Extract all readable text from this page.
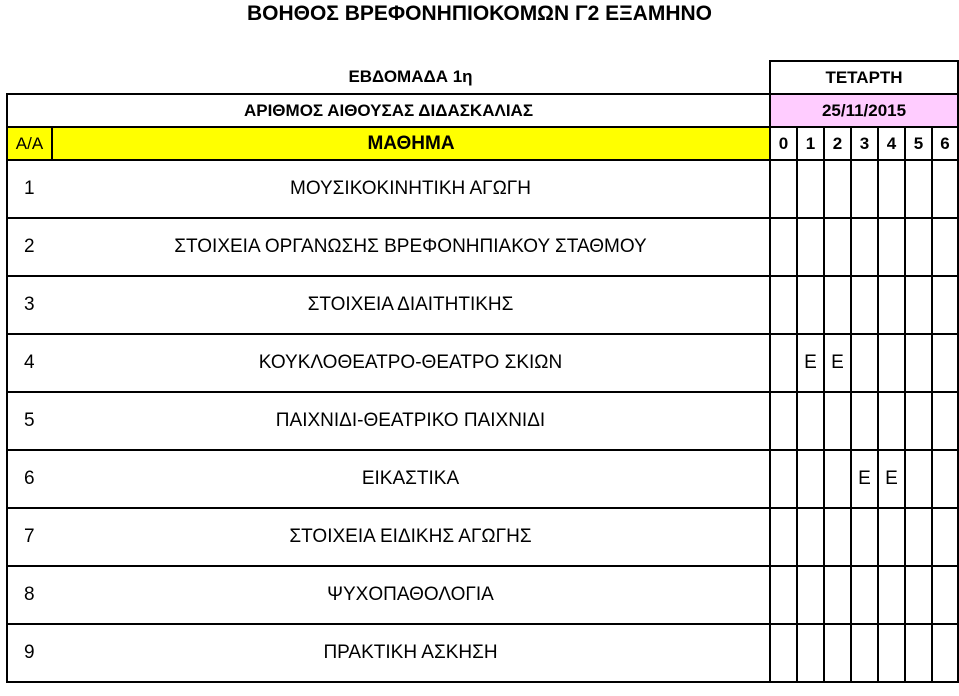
ΒΟΗΘΟΣ ΒΡΕΦΟΝΗΠΙΟΚΟΜΩΝ Γ2 ΕΞΑΜΗΝΟ
	ΕΒΔΟΜΑΔΑ 1η	ΤΕΤΑΡΤΗ						
ΑΡΙΘΜΟΣ ΑΙΘΟΥΣΑΣ ΔΙΔΑΣΚΑΛΙΑΣ		25/11/2015						
Α/Α	ΜΑΘΗΜΑ	0	1	2	3	4	5	6
1	ΜΟΥΣΙΚΟΚΙΝΗΤΙΚΗ ΑΓΩΓΗ							
2	ΣΤΟΙΧΕΙΑ ΟΡΓΑΝΩΣΗΣ ΒΡΕΦΟΝΗΠΙΑΚΟΥ ΣΤΑΘΜΟΥ							
3	ΣΤΟΙΧΕΙΑ ΔΙΑΙΤΗΤΙΚΗΣ							
4	ΚΟΥΚΛΟΘΕΑΤΡΟ-ΘΕΑΤΡΟ ΣΚΙΩΝ		Ε	Ε				
5	ΠΑΙΧΝΙΔΙ-ΘΕΑΤΡΙΚΟ ΠΑΙΧΝΙΔΙ							
6	ΕΙΚΑΣΤΙΚΑ				Ε	Ε		
7	ΣΤΟΙΧΕΙΑ ΕΙΔΙΚΗΣ ΑΓΩΓΗΣ							
8	ΨΥΧΟΠΑΘΟΛΟΓΙΑ							
9	ΠΡΑΚΤΙΚΗ ΑΣΚΗΣΗ							
